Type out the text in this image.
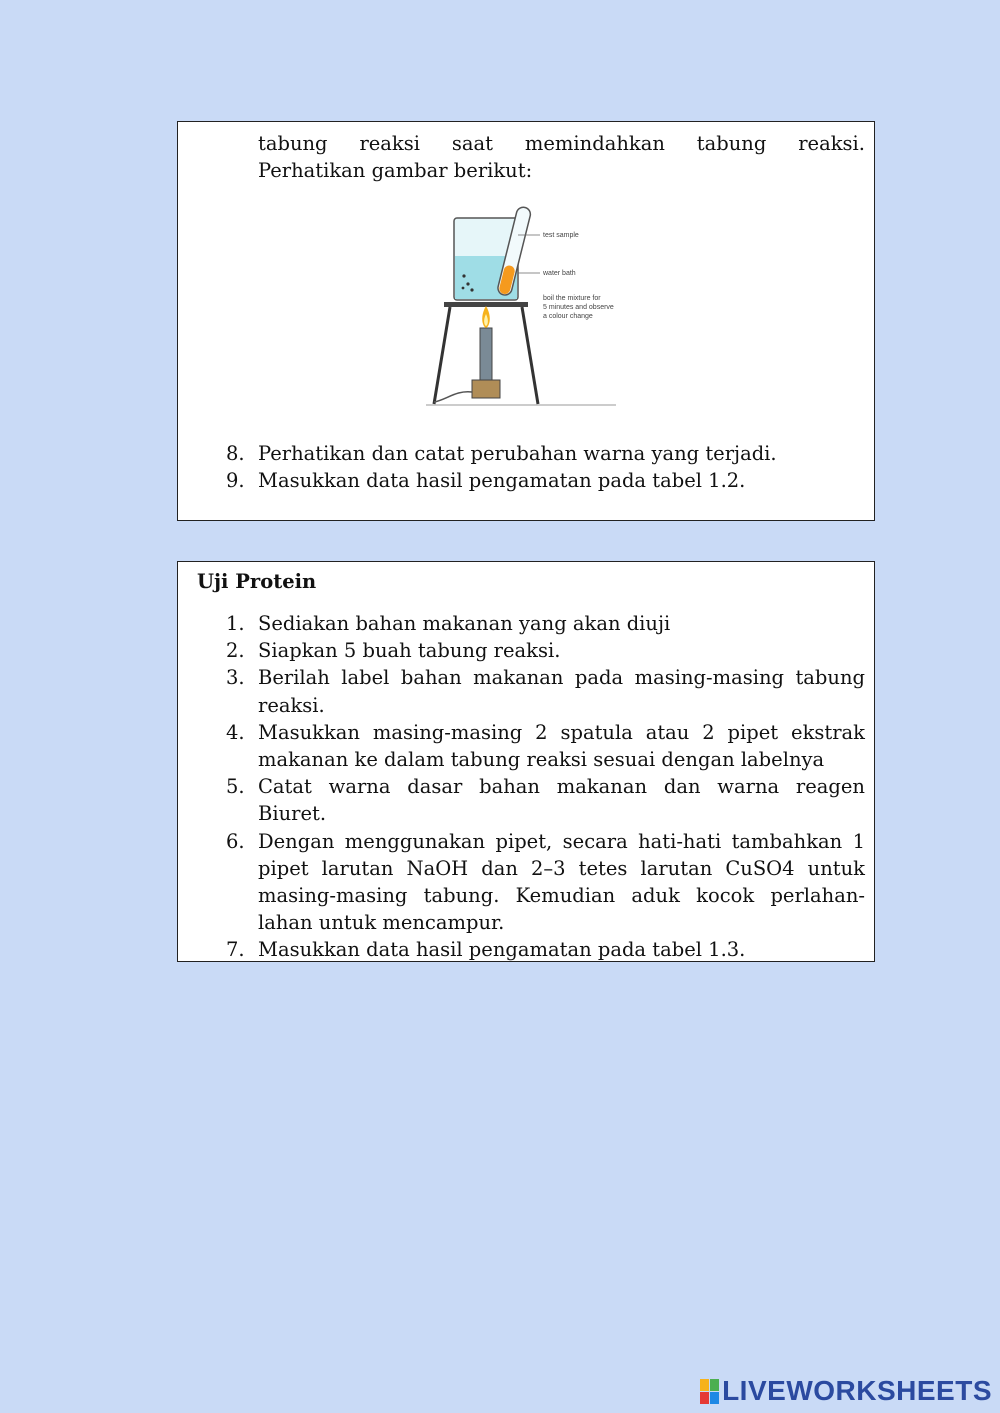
tabung reaksi saat memindahkan tabung reaksi.
Perhatikan gambar berikut:
test sample
water bath
boil the mixture for
5 minutes and observe
a colour change
8. Perhatikan dan catat perubahan warna yang terjadi.
9. Masukkan data hasil pengamatan pada tabel 1.2.
Uji Protein
1. Sediakan bahan makanan yang akan diuji
2. Siapkan 5 buah tabung reaksi.
3. Berilah label bahan makanan pada masing-masing tabung reaksi.
4. Masukkan masing-masing 2 spatula atau 2 pipet ekstrak makanan ke dalam tabung reaksi sesuai dengan labelnya
5. Catat warna dasar bahan makanan dan warna reagen Biuret.
6. Dengan menggunakan pipet, secara hati-hati tambahkan 1 pipet larutan NaOH dan 2–3 tetes larutan CuSO4 untuk masing-masing tabung. Kemudian aduk kocok perlahan-lahan untuk mencampur.
7. Masukkan data hasil pengamatan pada tabel 1.3.
LIVEWORKSHEETS
